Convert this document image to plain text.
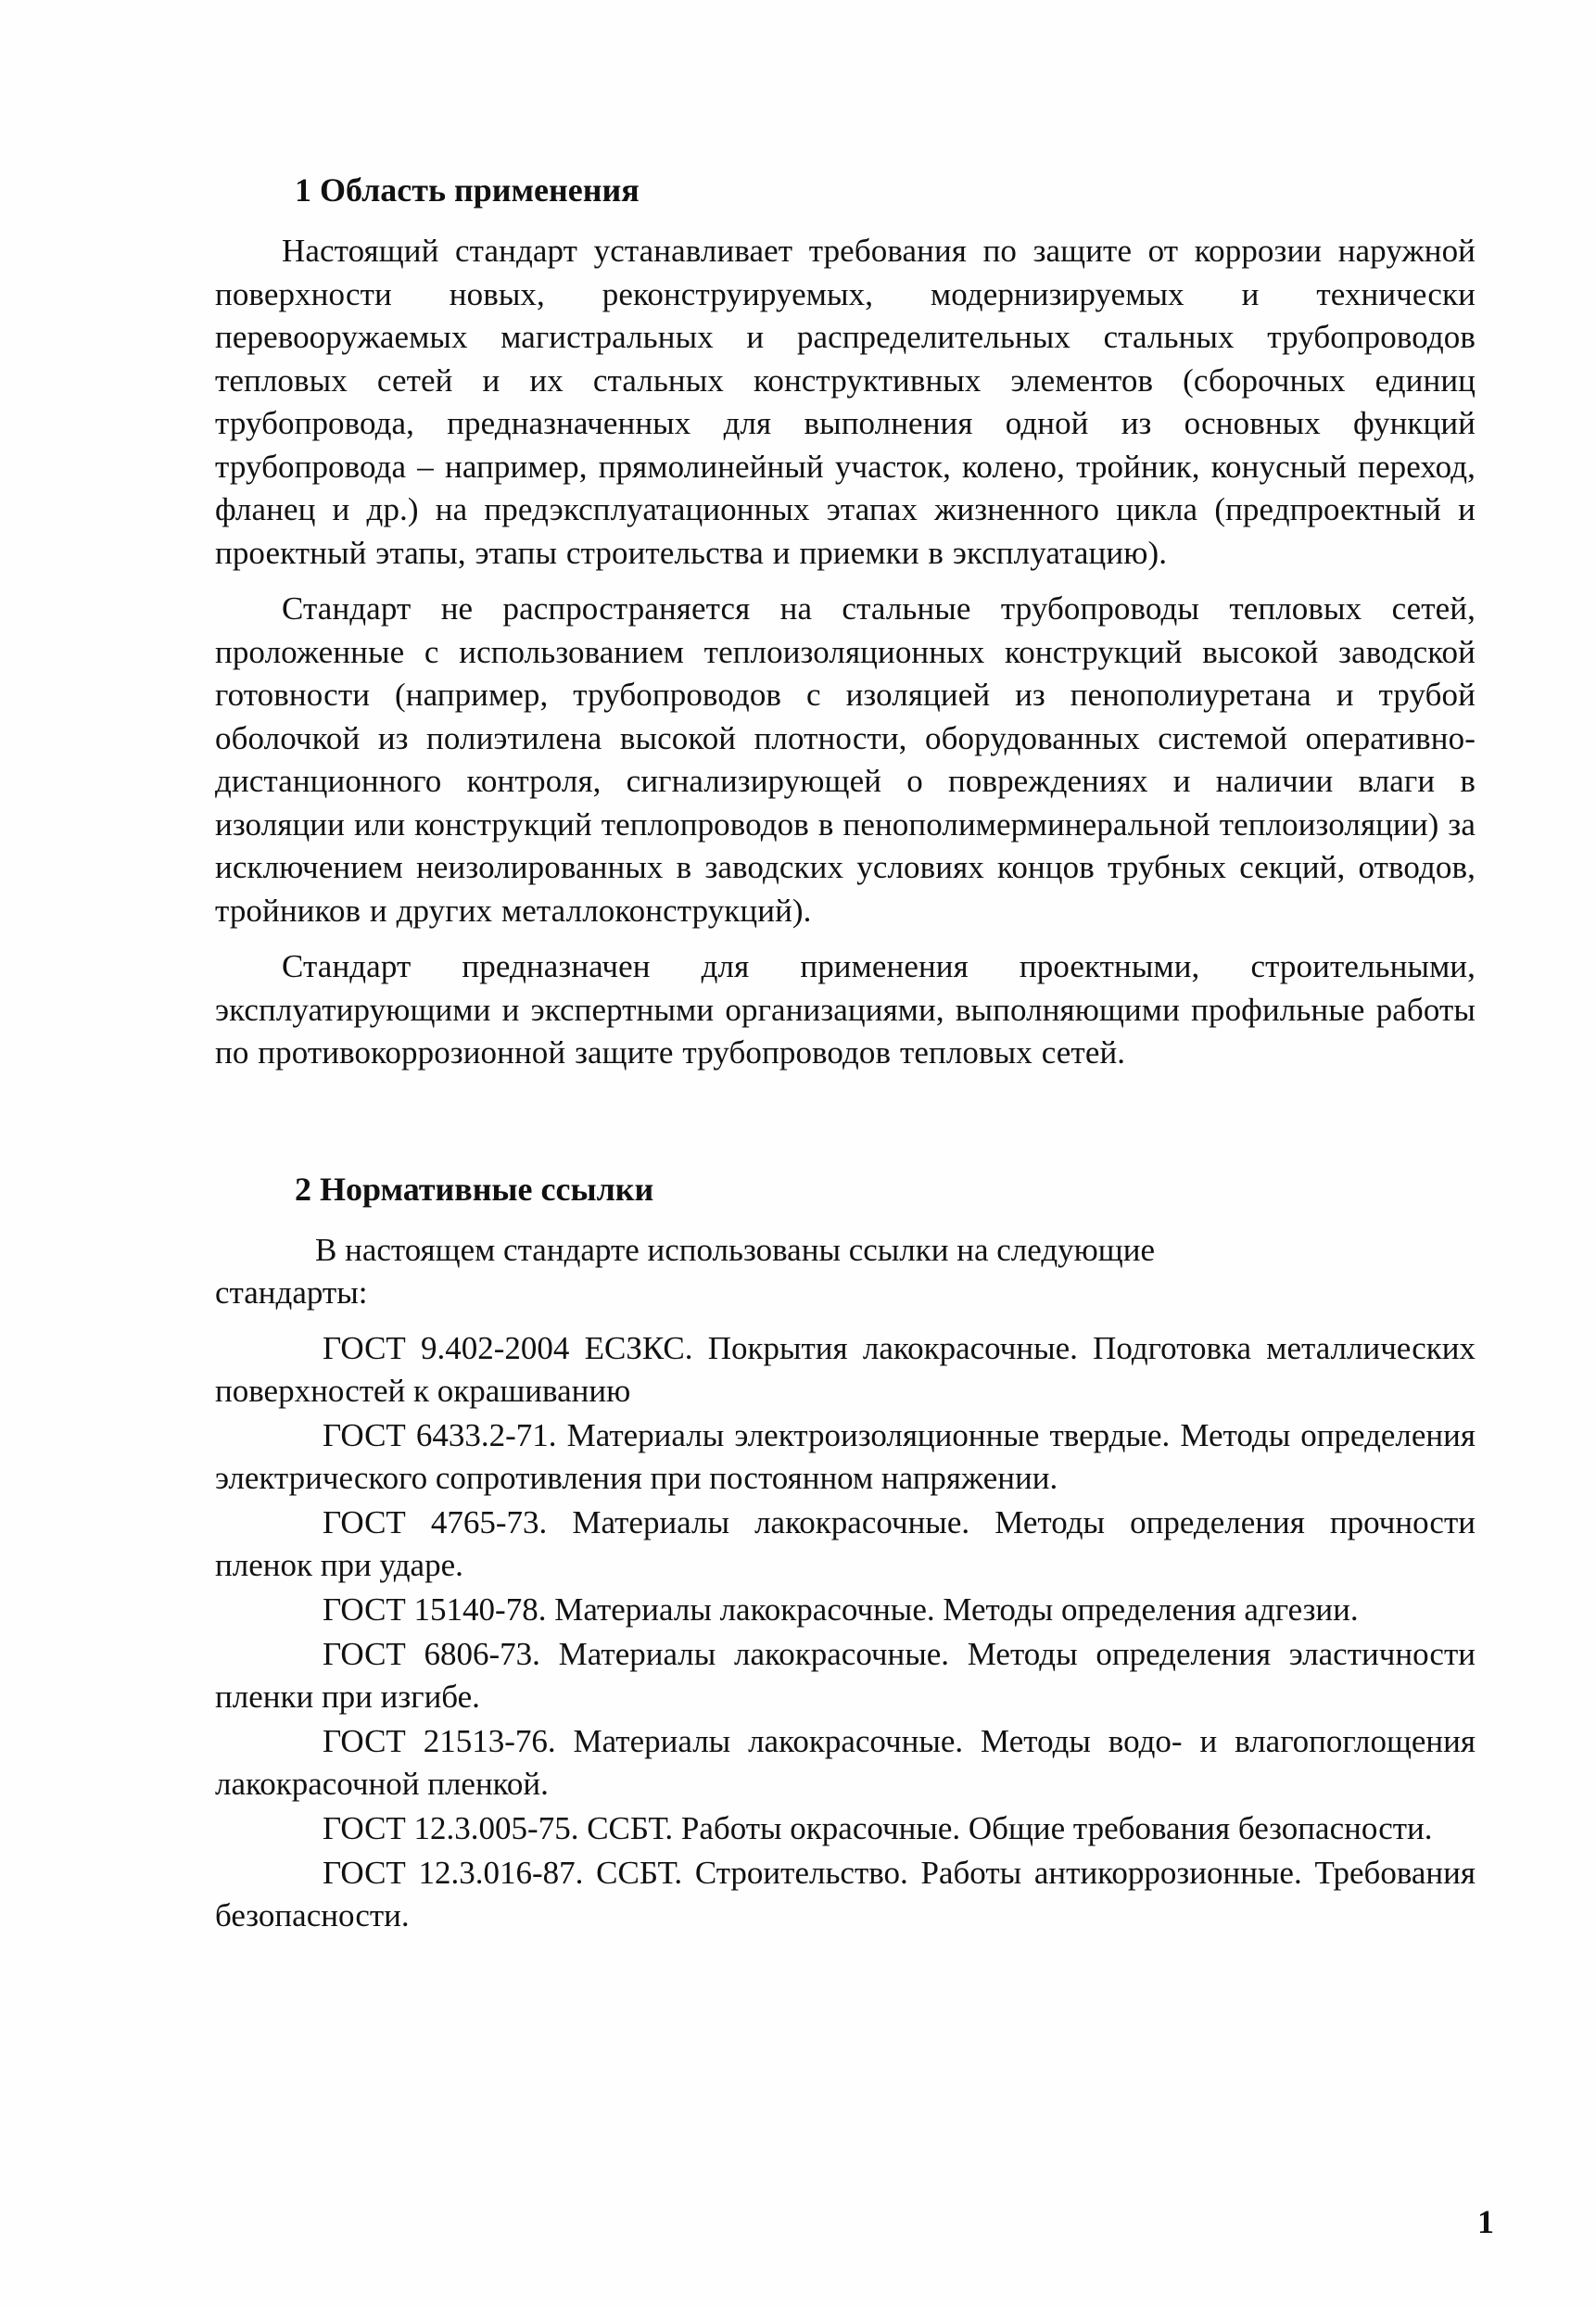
1 Область применения

Настоящий стандарт устанавливает требования по защите от коррозии наружной поверхности новых, реконструируемых, модернизируемых и технически перевооружаемых магистральных и распределительных стальных трубопроводов тепловых сетей и их стальных конструктивных элементов (сборочных единиц трубопровода, предназначенных для выполнения одной из основных функций трубопровода – например, прямолинейный участок, колено, тройник, конусный переход, фланец и др.) на предэксплуатационных этапах жизненного цикла (предпроектный и проектный этапы, этапы строительства и приемки в эксплуатацию).

Стандарт не распространяется на стальные трубопроводы тепловых сетей, проложенные с использованием теплоизоляционных конструкций высокой заводской готовности (например, трубопроводов с изоляцией из пенополиуретана и трубой оболочкой из полиэтилена высокой плотности, оборудованных системой оперативно-дистанционного контроля, сигнализирующей о повреждениях и наличии влаги в изоляции или конструкций теплопроводов в пенополимерминеральной теплоизоляции) за исключением неизолированных в заводских условиях концов трубных секций, отводов, тройников и других металлоконструкций).

Стандарт предназначен для применения проектными, строительными, эксплуатирующими и экспертными организациями, выполняющими профильные работы по противокоррозионной защите трубопроводов тепловых сетей.

2 Нормативные ссылки

В настоящем стандарте использованы ссылки на следующие стандарты:

ГОСТ 9.402-2004 ЕСЗКС. Покрытия лакокрасочные. Подготовка металлических поверхностей к окрашиванию

ГОСТ 6433.2-71. Материалы электроизоляционные твердые. Методы определения электрического сопротивления при постоянном напряжении.

ГОСТ 4765-73. Материалы лакокрасочные. Методы определения прочности пленок при ударе.

ГОСТ 15140-78. Материалы лакокрасочные. Методы определения адгезии.

ГОСТ 6806-73. Материалы лакокрасочные. Методы определения эластичности пленки при изгибе.

ГОСТ 21513-76. Материалы лакокрасочные. Методы водо- и влагопоглощения лакокрасочной пленкой.

ГОСТ 12.3.005-75. ССБТ. Работы окрасочные. Общие требования безопасности.

ГОСТ 12.3.016-87. ССБТ. Строительство. Работы антикоррозионные. Требования безопасности.

1
